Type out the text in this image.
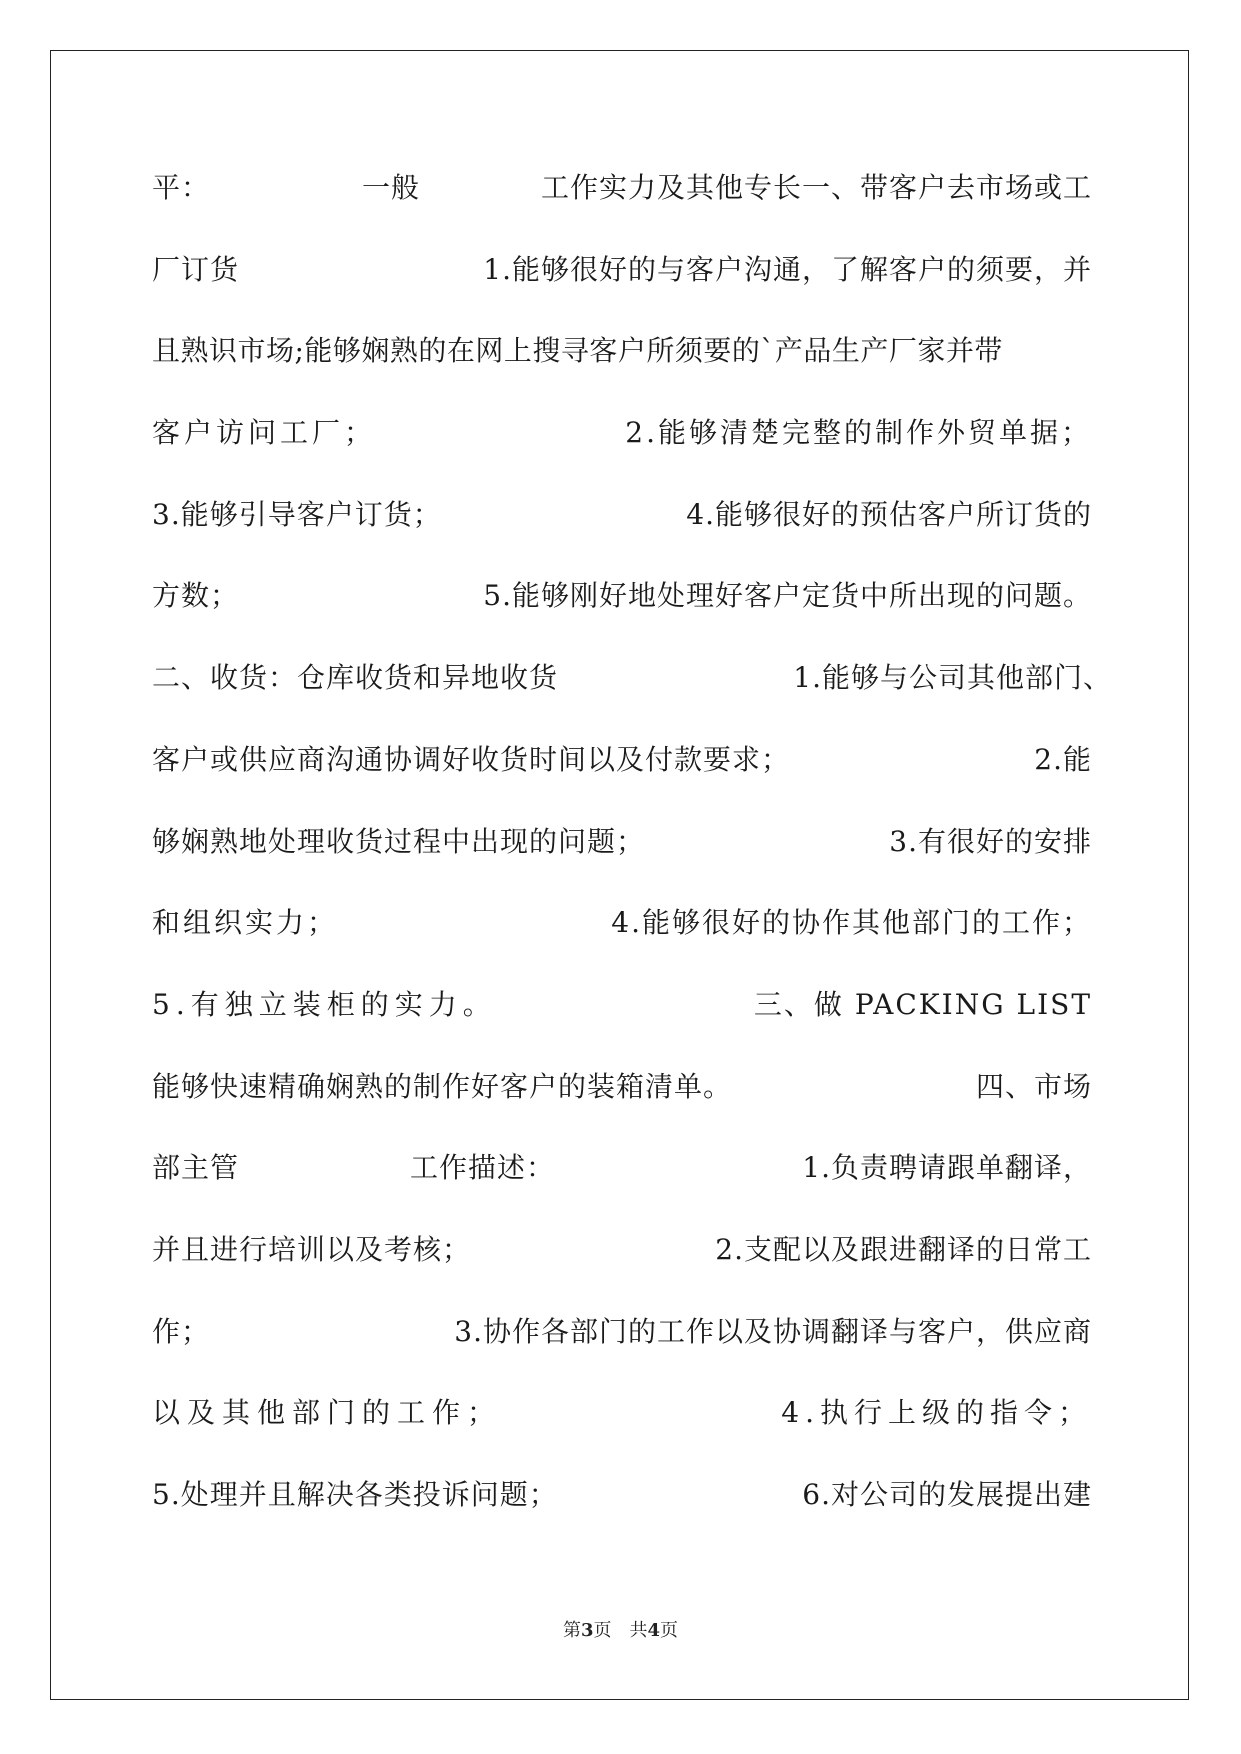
平：	一般	工作实力及其他专长一、带客户去市场或工
厂订货	1.能够很好的与客户沟通，了解客户的须要，并
且熟识市场;能够娴熟的在网上搜寻客户所须要的`产品生产厂家并带
客户访问工厂；	2.能够清楚完整的制作外贸单据；
3.能够引导客户订货；	4.能够很好的预估客户所订货的
方数；	5.能够刚好地处理好客户定货中所出现的问题。
二、收货：仓库收货和异地收货	1.能够与公司其他部门、
客户或供应商沟通协调好收货时间以及付款要求；	2.能
够娴熟地处理收货过程中出现的问题；	3.有很好的安排
和组织实力；	4.能够很好的协作其他部门的工作；
5.有独立装柜的实力。	三、做 PACKING LIST
能够快速精确娴熟的制作好客户的装箱清单。	四、市场
部主管	工作描述：	1.负责聘请跟单翻译，
并且进行培训以及考核；	2.支配以及跟进翻译的日常工
作；	3.协作各部门的工作以及协调翻译与客户，供应商
以及其他部门的工作；	4.执行上级的指令；
5.处理并且解决各类投诉问题；	6.对公司的发展提出建
第3页 共4页
